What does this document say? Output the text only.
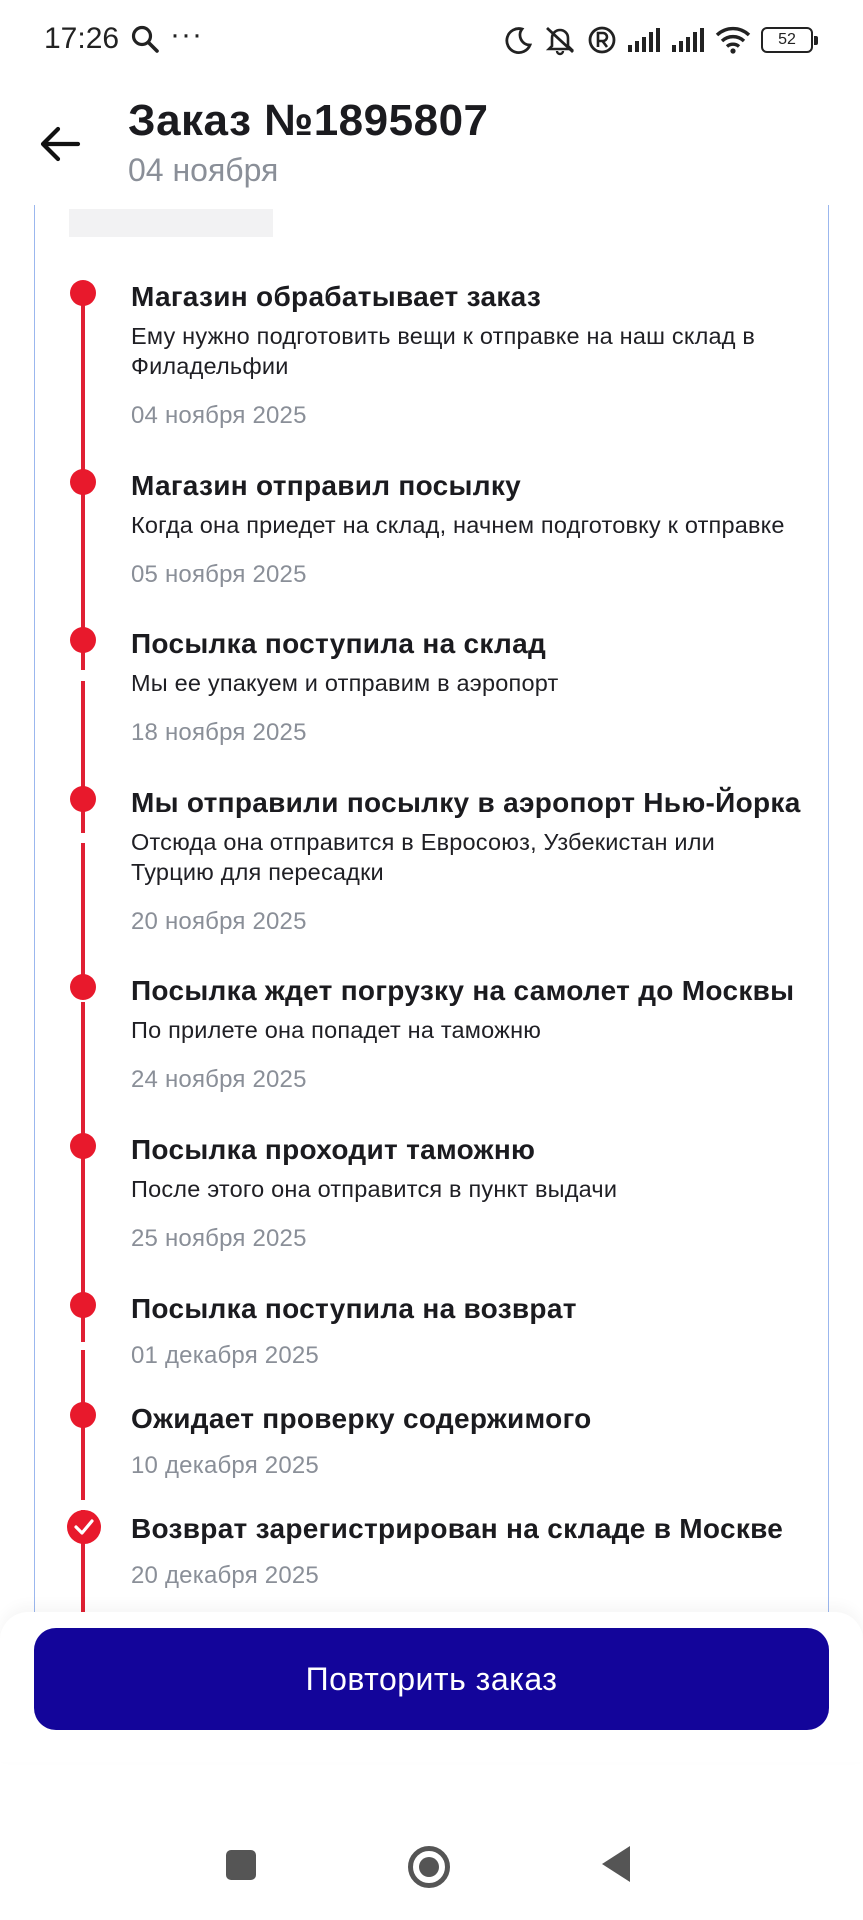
17:26 ···	52
Заказ №1895807
04 ноября
Магазин обрабатывает заказ
Ему нужно подготовить вещи к отправке на наш склад в
Филадельфии
04 ноября 2025
Магазин отправил посылку
Когда она приедет на склад, начнем подготовку к отправке
05 ноября 2025
Посылка поступила на склад
Мы ее упакуем и отправим в аэропорт
18 ноября 2025
Мы отправили посылку в аэропорт Нью-Йорка
Отсюда она отправится в Евросоюз, Узбекистан или
Турцию для пересадки
20 ноября 2025
Посылка ждет погрузку на самолет до Москвы
По прилете она попадет на таможню
24 ноября 2025
Посылка проходит таможню
После этого она отправится в пункт выдачи
25 ноября 2025
Посылка поступила на возврат
01 декабря 2025
Ожидает проверку содержимого
10 декабря 2025
Возврат зарегистрирован на складе в Москве
20 декабря 2025
Повторить заказ
